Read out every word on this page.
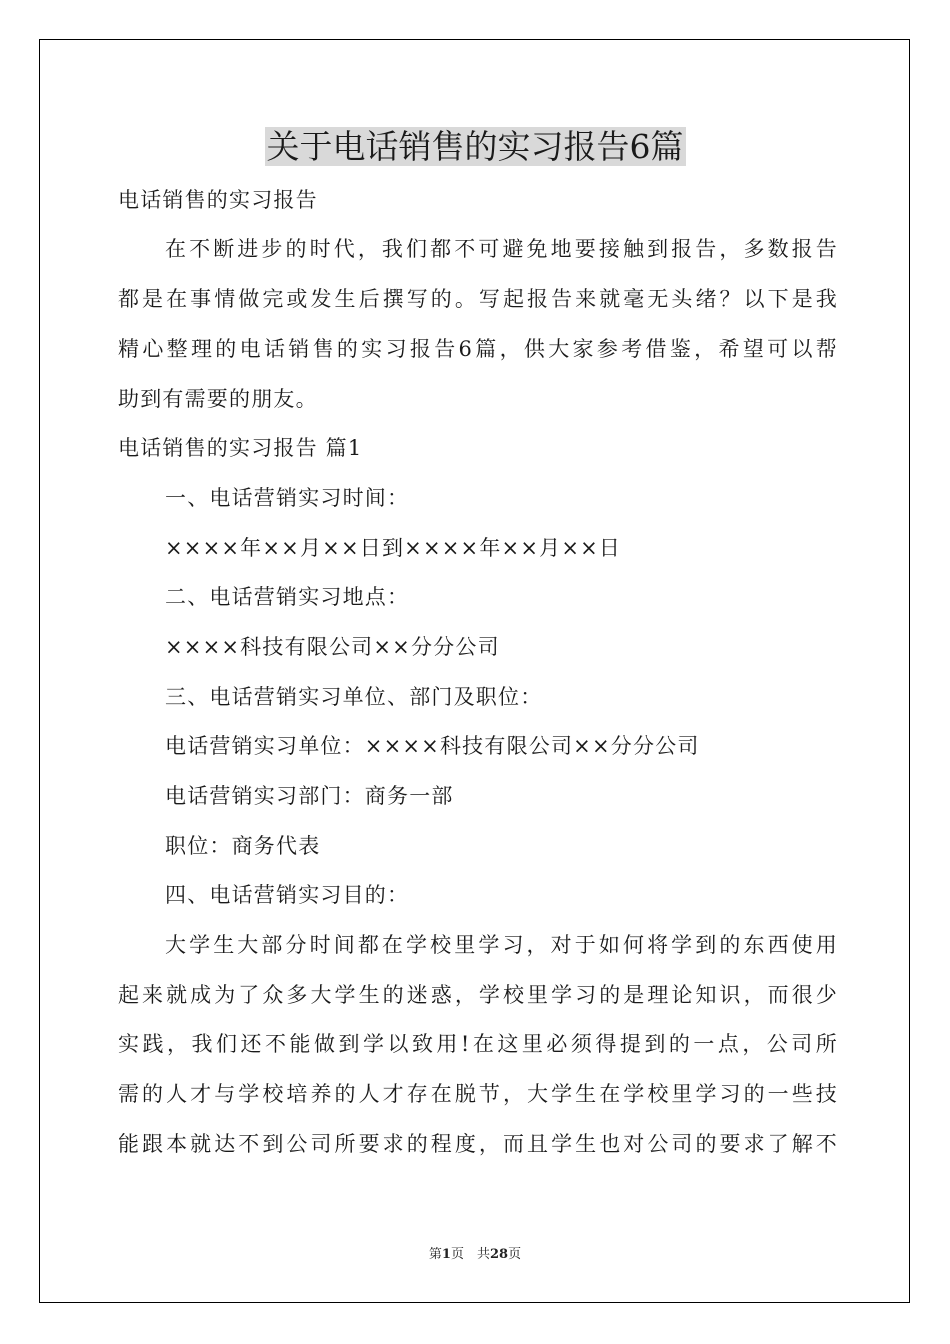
关于电话销售的实习报告6篇
电话销售的实习报告
在不断进步的时代，我们都不可避免地要接触到报告，多数报告
都是在事情做完或发生后撰写的。写起报告来就毫无头绪？以下是我
精心整理的电话销售的实习报告6篇，供大家参考借鉴，希望可以帮
助到有需要的朋友。
电话销售的实习报告 篇1
一、电话营销实习时间：
××××年××月××日到××××年××月××日
二、电话营销实习地点：
××××科技有限公司××分分公司
三、电话营销实习单位、部门及职位：
电话营销实习单位：××××科技有限公司××分分公司
电话营销实习部门：商务一部
职位：商务代表
四、电话营销实习目的：
大学生大部分时间都在学校里学习，对于如何将学到的东西使用
起来就成为了众多大学生的迷惑，学校里学习的是理论知识，而很少
实践，我们还不能做到学以致用!在这里必须得提到的一点，公司所
需的人才与学校培养的人才存在脱节，大学生在学校里学习的一些技
能跟本就达不到公司所要求的程度，而且学生也对公司的要求了解不
第1页　共28页
